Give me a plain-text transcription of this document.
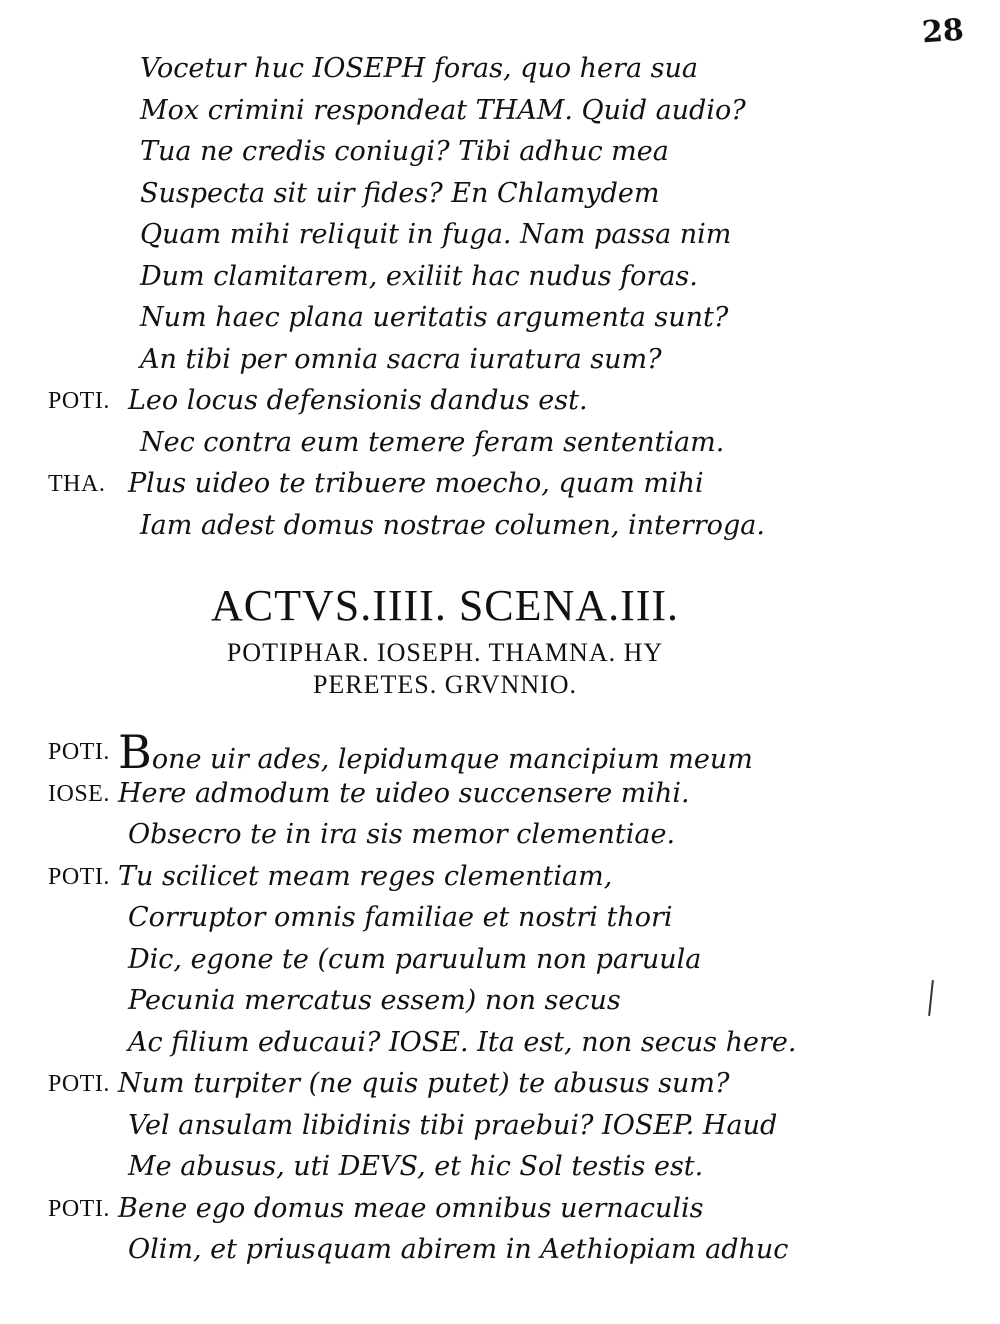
28
Vocetur huc IOSEPH foras, quo hera sua
Mox crimini respondeat THAM. Quid audio?
Tua ne credis coniugi? Tibi adhuc mea
Suspecta sit uir fides? En Chlamydem
Quam mihi reliquit in fuga. Nam passa nim
Dum clamitarem, exiliit hac nudus foras.
Num haec plana ueritatis argumenta sunt?
An tibi per omnia sacra iuratura sum?
POTI. Leo locus defensionis dandus est.
Nec contra eum temere feram sententiam.
THA. Plus uideo te tribuere moecho, quam mihi
Iam adest domus nostrae columen, interroga.
ACTVS.IIII. SCENA.III.
POTIPHAR. IOSEPH. THAMNA. HY
PERETES. GRVNNIO.
POTI. Bone uir ades, lepidumque mancipium meum
IOSE. Here admodum te uideo succensere mihi.
Obsecro te in ira sis memor clementiae.
POTI. Tu scilicet meam reges clementiam,
Corruptor omnis familiae et nostri thori
Dic, egone te (cum paruulum non paruula
Pecunia mercatus essem) non secus
Ac filium educaui? IOSE. Ita est, non secus here.
POTI. Num turpiter (ne quis putet) te abusus sum?
Vel ansulam libidinis tibi praebui? IOSEP. Haud
Me abusus, uti DEVS, et hic Sol testis est.
POTI. Bene ego domus meae omnibus uernaculis
Olim, et priusquam abirem in Aethiopiam adhuc
